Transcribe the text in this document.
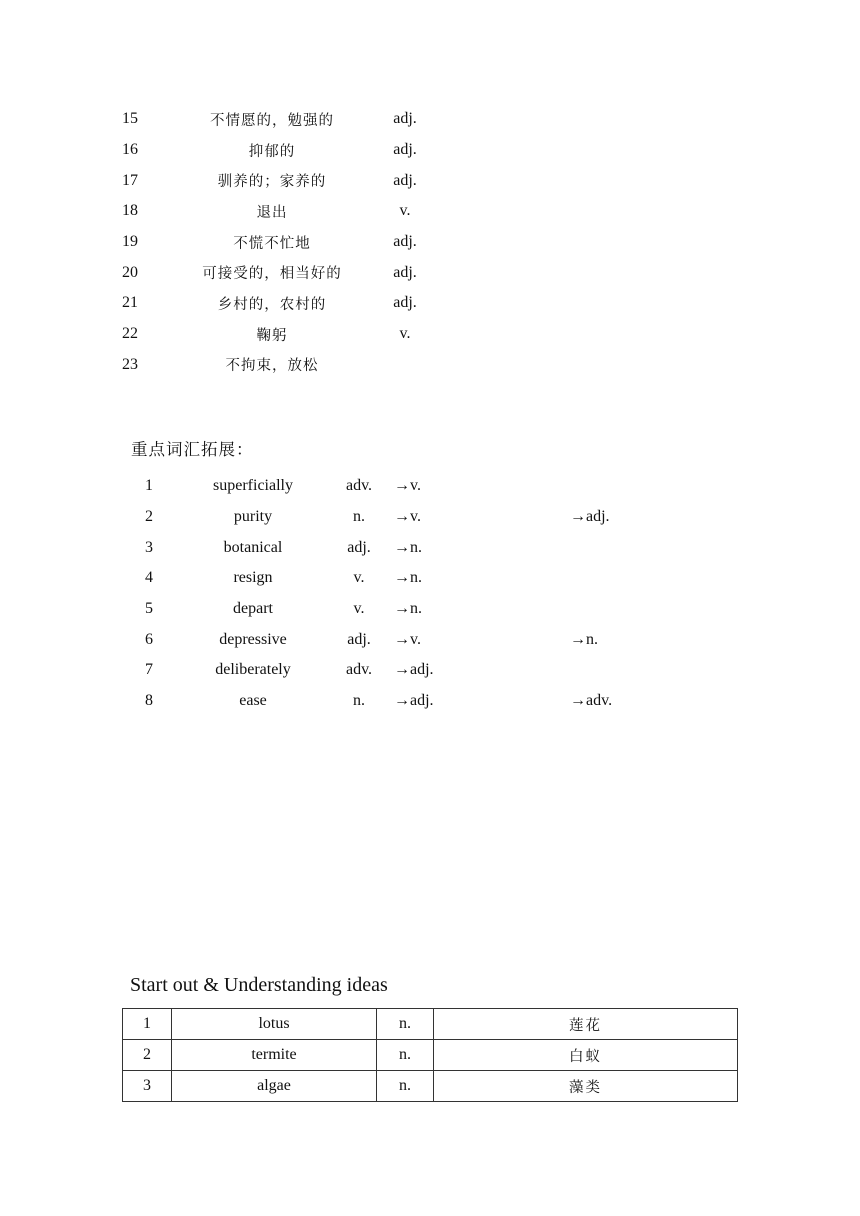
15	不情愿的，勉强的	adj.
16	抑郁的	adj.
17	驯养的；家养的	adj.
18	退出	v.
19	不慌不忙地	adj.
20	可接受的，相当好的	adj.
21	乡村的，农村的	adj.
22	鞠躬	v.
23	不拘束，放松	
重点词汇拓展：
1	superficially	adv.	→v.	
2	purity	n.	→v.	→adj.
3	botanical	adj.	→n.	
4	resign	v.	→n.	
5	depart	v.	→n.	
6	depressive	adj.	→v.	→n.
7	deliberately	adv.	→adj.	
8	ease	n.	→adj.	→adv.
Start out & Understanding ideas
1	lotus	n.	莲花
2	termite	n.	白蚁
3	algae	n.	藻类
